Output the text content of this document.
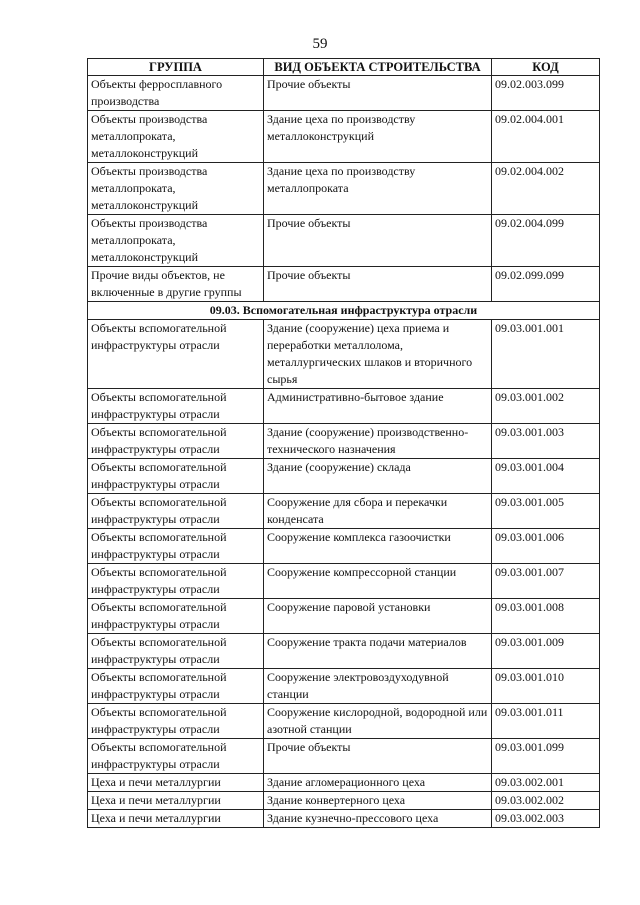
59
ГРУППА	ВИД ОБЪЕКТА СТРОИТЕЛЬСТВА	КОД
Объекты ферросплавного производства	Прочие объекты	09.02.003.099
Объекты производства металлопроката, металлоконструкций	Здание цеха по производству металлоконструкций	09.02.004.001
Объекты производства металлопроката, металлоконструкций	Здание цеха по производству металлопроката	09.02.004.002
Объекты производства металлопроката, металлоконструкций	Прочие объекты	09.02.004.099
Прочие виды объектов, не включенные в другие группы	Прочие объекты	09.02.099.099
09.03. Вспомогательная инфраструктура отрасли		
Объекты вспомогательной инфраструктуры отрасли	Здание (сооружение) цеха приема и переработки металлолома, металлургических шлаков и вторичного сырья	09.03.001.001
Объекты вспомогательной инфраструктуры отрасли	Административно-бытовое здание	09.03.001.002
Объекты вспомогательной инфраструктуры отрасли	Здание (сооружение) производственно-технического назначения	09.03.001.003
Объекты вспомогательной инфраструктуры отрасли	Здание (сооружение) склада	09.03.001.004
Объекты вспомогательной инфраструктуры отрасли	Сооружение для сбора и перекачки конденсата	09.03.001.005
Объекты вспомогательной инфраструктуры отрасли	Сооружение комплекса газоочистки	09.03.001.006
Объекты вспомогательной инфраструктуры отрасли	Сооружение компрессорной станции	09.03.001.007
Объекты вспомогательной инфраструктуры отрасли	Сооружение паровой установки	09.03.001.008
Объекты вспомогательной инфраструктуры отрасли	Сооружение тракта подачи материалов	09.03.001.009
Объекты вспомогательной инфраструктуры отрасли	Сооружение электровоздуходувной станции	09.03.001.010
Объекты вспомогательной инфраструктуры отрасли	Сооружение кислородной, водородной или азотной станции	09.03.001.011
Объекты вспомогательной инфраструктуры отрасли	Прочие объекты	09.03.001.099
Цеха и печи металлургии	Здание агломерационного цеха	09.03.002.001
Цеха и печи металлургии	Здание конвертерного цеха	09.03.002.002
Цеха и печи металлургии	Здание кузнечно-прессового цеха	09.03.002.003
